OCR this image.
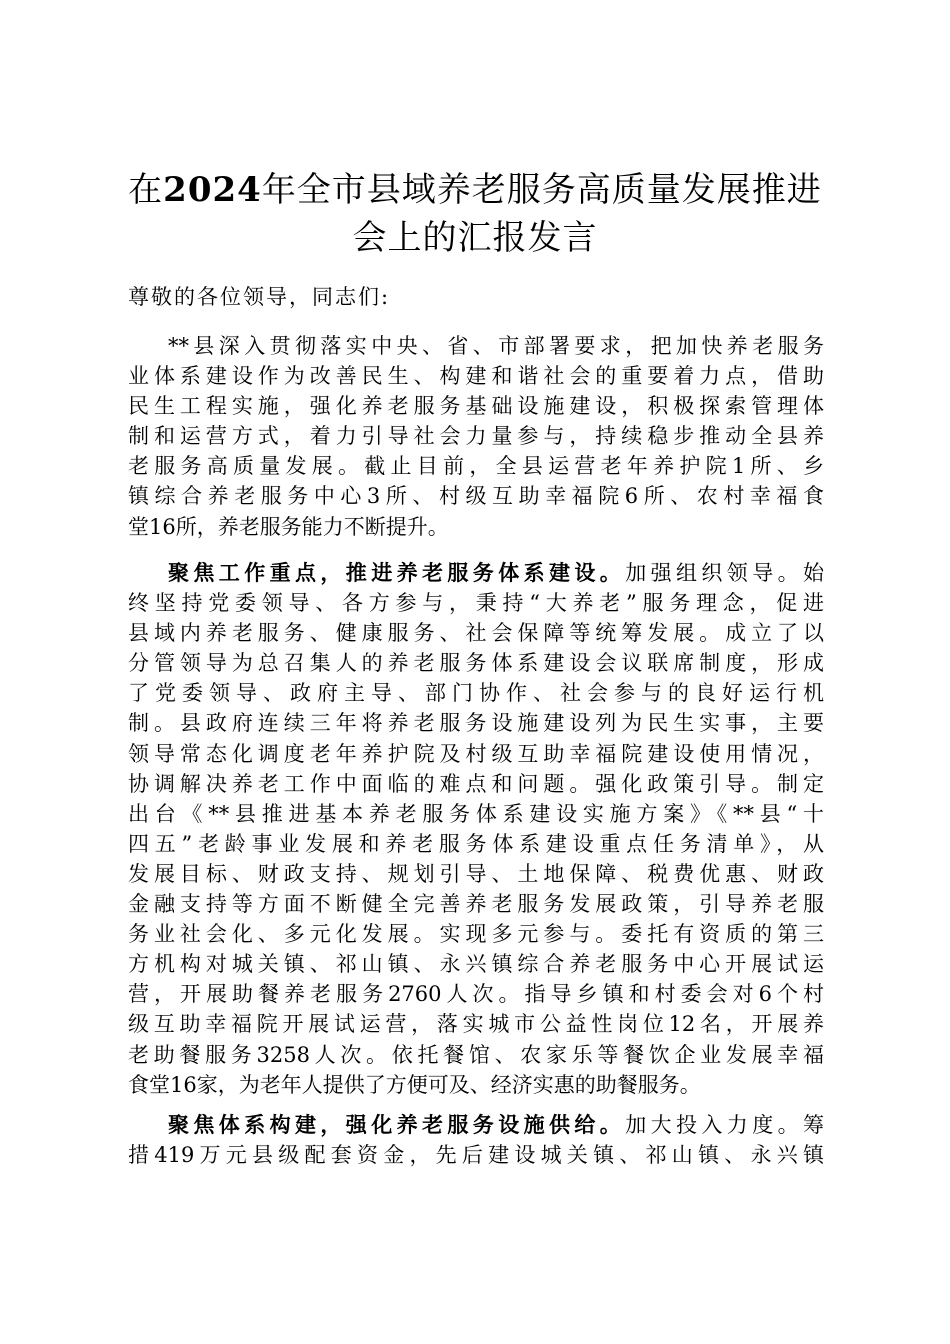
在2024年全市县域养老服务高质量发展推进
会上的汇报发言

尊敬的各位领导，同志们:

**县深入贯彻落实中央、省、市部署要求，把加快养老服务
业体系建设作为改善民生、构建和谐社会的重要着力点，借助
民生工程实施，强化养老服务基础设施建设，积极探索管理体
制和运营方式，着力引导社会力量参与，持续稳步推动全县养
老服务高质量发展。截止目前，全县运营老年养护院1所、乡
镇综合养老服务中心3所、村级互助幸福院6所、农村幸福食
堂16所，养老服务能力不断提升。
聚焦工作重点，推进养老服务体系建设。加强组织领导。始
终坚持党委领导、各方参与，秉持“大养老”服务理念，促进
县域内养老服务、健康服务、社会保障等统筹发展。成立了以
分管领导为总召集人的养老服务体系建设会议联席制度，形成
了党委领导、政府主导、部门协作、社会参与的良好运行机
制。县政府连续三年将养老服务设施建设列为民生实事，主要
领导常态化调度老年养护院及村级互助幸福院建设使用情况，
协调解决养老工作中面临的难点和问题。强化政策引导。制定
出台《**县推进基本养老服务体系建设实施方案》《**县“十
四五”老龄事业发展和养老服务体系建设重点任务清单》，从
发展目标、财政支持、规划引导、土地保障、税费优惠、财政
金融支持等方面不断健全完善养老服务发展政策，引导养老服
务业社会化、多元化发展。实现多元参与。委托有资质的第三
方机构对城关镇、祁山镇、永兴镇综合养老服务中心开展试运
营，开展助餐养老服务2760人次。指导乡镇和村委会对6个村
级互助幸福院开展试运营，落实城市公益性岗位12名，开展养
老助餐服务3258人次。依托餐馆、农家乐等餐饮企业发展幸福
食堂16家，为老年人提供了方便可及、经济实惠的助餐服务。
聚焦体系构建，强化养老服务设施供给。加大投入力度。筹
措419万元县级配套资金，先后建设城关镇、祁山镇、永兴镇
